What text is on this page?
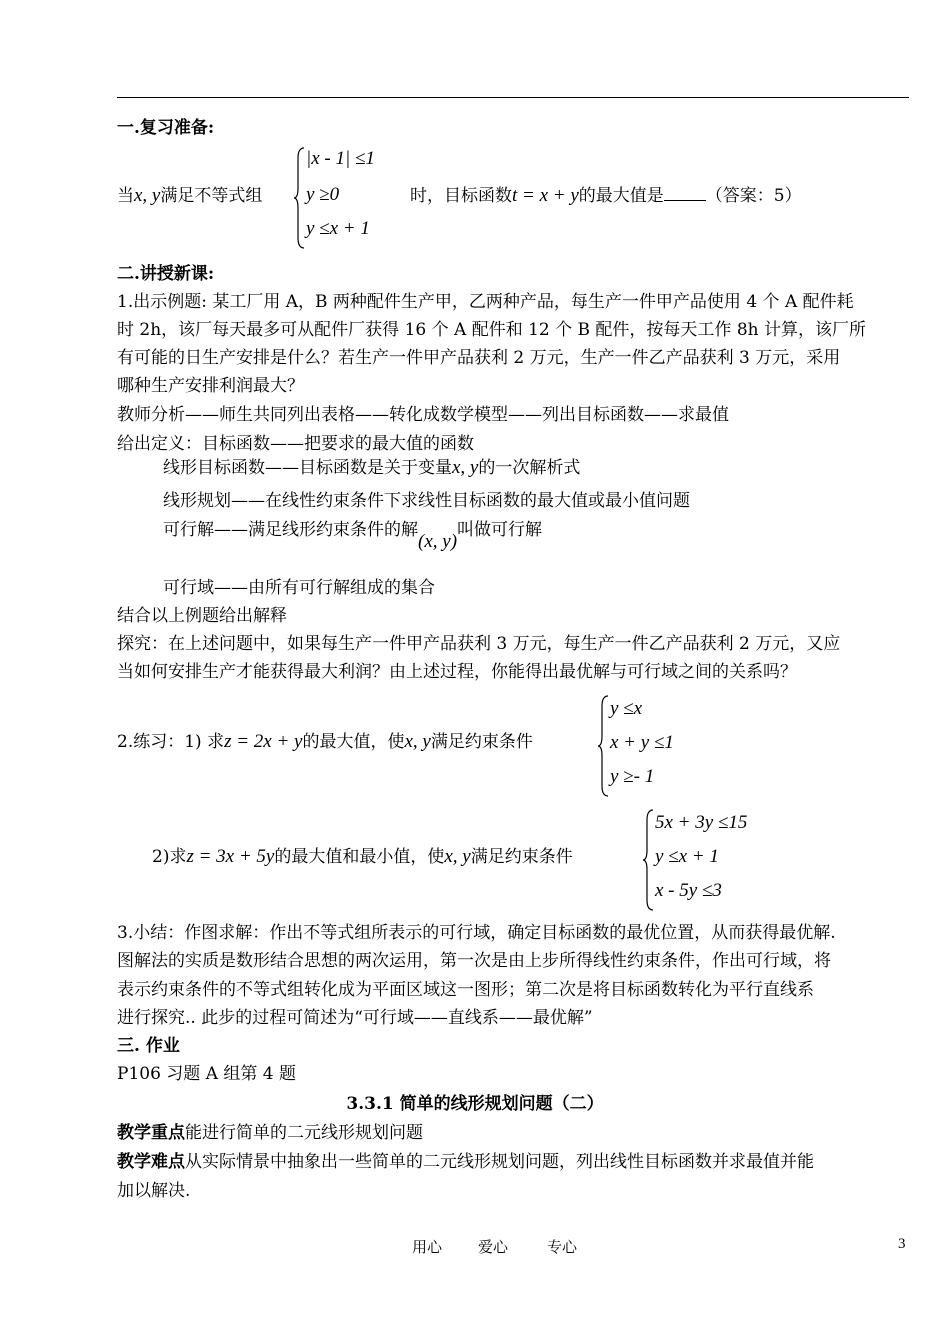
一.复习准备:
当x, y满足不等式组
|x - 1| ≤1
y ≥0
y ≤x + 1
时，目标函数t = x + y的最大值是 （答案：5）
二.讲授新课:
1.出示例题: 某工厂用 A，B 两种配件生产甲，乙两种产品，每生产一件甲产品使用 4 个 A 配件耗
时 2h，该厂每天最多可从配件厂获得 16 个 A 配件和 12 个 B 配件，按每天工作 8h 计算，该厂所
有可能的日生产安排是什么？若生产一件甲产品获利 2 万元，生产一件乙产品获利 3 万元，采用
哪种生产安排利润最大？
教师分析——师生共同列出表格——转化成数学模型——列出目标函数——求最值
给出定义：目标函数——把要求的最大值的函数
线形目标函数——目标函数是关于变量x, y的一次解析式
线形规划——在线性约束条件下求线性目标函数的最大值或最小值问题
可行解——满足线形约束条件的解(x, y)叫做可行解
可行域——由所有可行解组成的集合
结合以上例题给出解释
探究：在上述问题中，如果每生产一件甲产品获利 3 万元，每生产一件乙产品获利 2 万元，又应
当如何安排生产才能获得最大利润？由上述过程，你能得出最优解与可行域之间的关系吗？
2.练习：1) 求z = 2x + y的最大值，使x, y满足约束条件
y ≤x
x + y ≤1
y ≥- 1
2)求z = 3x + 5y的最大值和最小值，使x, y满足约束条件
5x + 3y ≤15
y ≤x + 1
x - 5y ≤3
3.小结：作图求解：作出不等式组所表示的可行域，确定目标函数的最优位置，从而获得最优解.
图解法的实质是数形结合思想的两次运用，第一次是由上步所得线性约束条件，作出可行域，将
表示约束条件的不等式组转化成为平面区域这一图形；第二次是将目标函数转化为平行直线系
进行探究.. 此步的过程可简述为“可行域——直线系——最优解”
三. 作业
P106 习题 A 组第 4 题
3.3.1 简单的线形规划问题（二）
教学重点能进行简单的二元线形规划问题
教学难点从实际情景中抽象出一些简单的二元线形规划问题，列出线性目标函数并求最值并能
加以解决.
用心 爱心	专心	3
